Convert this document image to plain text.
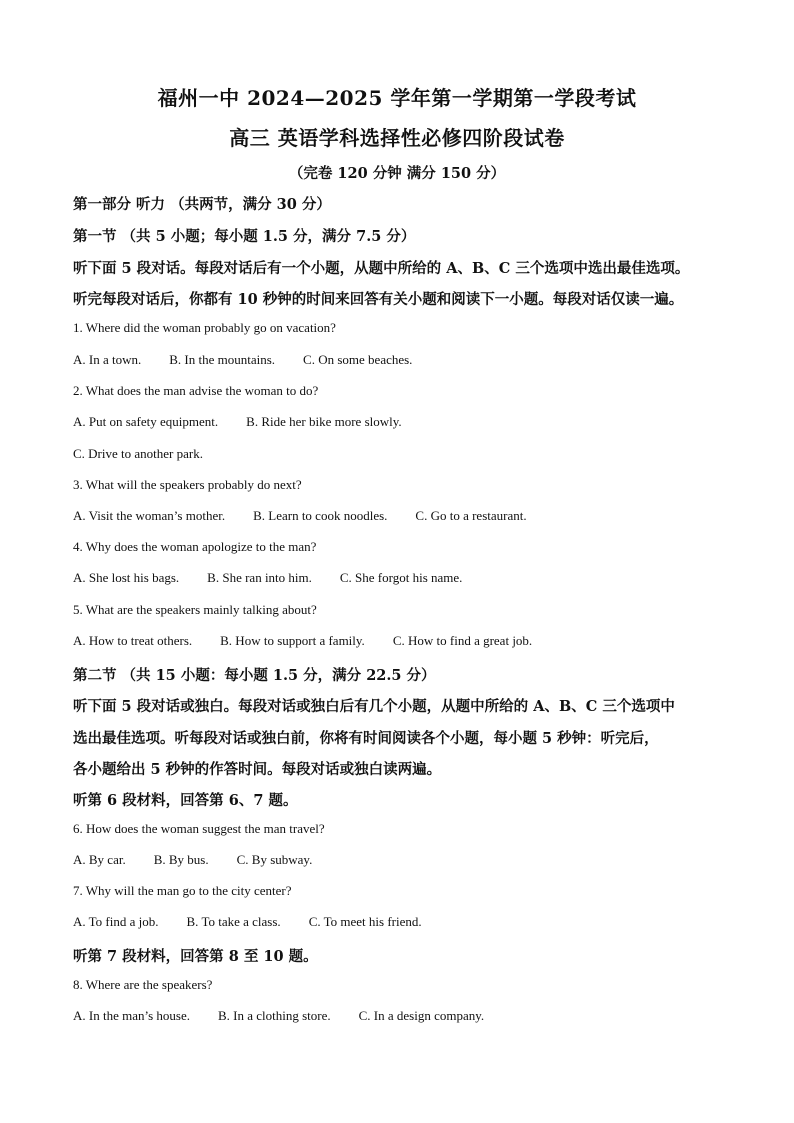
福州一中 2024—2025 学年第一学期第一学段考试
高三 英语学科选择性必修四阶段试卷
（完卷 120 分钟 满分 150 分）
第一部分 听力 （共两节，满分 30 分）
第一节 （共 5 小题；每小题 1.5 分，满分 7.5 分）
听下面 5 段对话。每段对话后有一个小题，从题中所给的 A、B、C 三个选项中选出最佳选项。
听完每段对话后，你都有 10 秒钟的时间来回答有关小题和阅读下一小题。每段对话仅读一遍。
1. Where did the woman probably go on vacation?
A. In a town. B. In the mountains. C. On some beaches.
2. What does the man advise the woman to do?
A. Put on safety equipment. B. Ride her bike more slowly.
C. Drive to another park.
3. What will the speakers probably do next?
A. Visit the woman’s mother. B. Learn to cook noodles. C. Go to a restaurant.
4. Why does the woman apologize to the man?
A. She lost his bags. B. She ran into him. C. She forgot his name.
5. What are the speakers mainly talking about?
A. How to treat others. B. How to support a family. C. How to find a great job.
第二节 （共 15 小题：每小题 1.5 分，满分 22.5 分）
听下面 5 段对话或独白。每段对话或独白后有几个小题，从题中所给的 A、B、C 三个选项中
选出最佳选项。听每段对话或独白前，你将有时间阅读各个小题，每小题 5 秒钟：听完后，
各小题给出 5 秒钟的作答时间。每段对话或独白读两遍。
听第 6 段材料，回答第 6、7 题。
6. How does the woman suggest the man travel?
A. By car. B. By bus. C. By subway.
7. Why will the man go to the city center?
A. To find a job. B. To take a class. C. To meet his friend.
听第 7 段材料，回答第 8 至 10 题。
8. Where are the speakers?
A. In the man’s house. B. In a clothing store. C. In a design company.
